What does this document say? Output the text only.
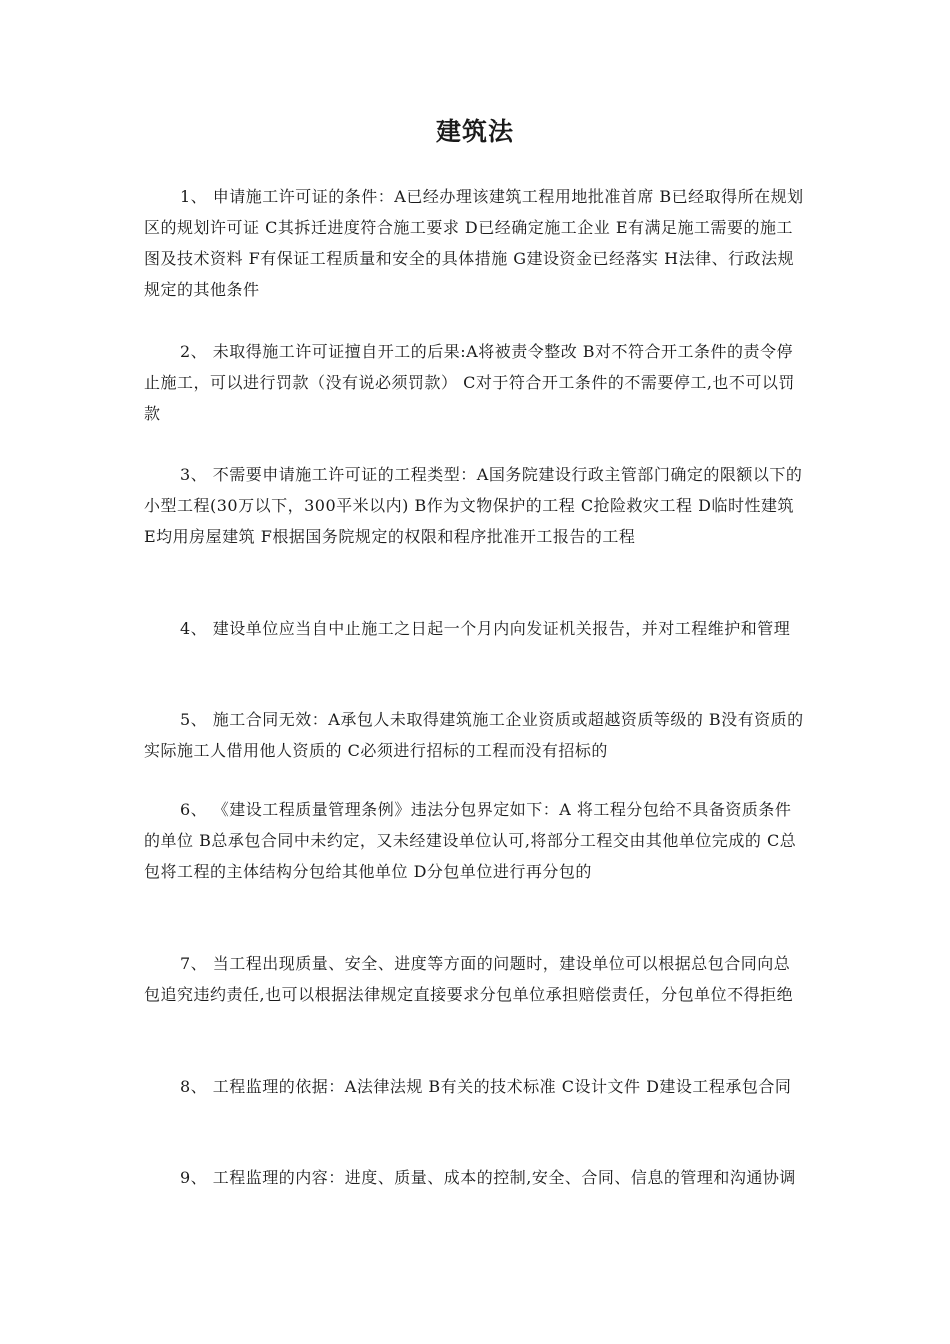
建筑法

1、 申请施工许可证的条件：A已经办理该建筑工程用地批准首席 B已经取得所在规划区的规划许可证 C其拆迁进度符合施工要求 D已经确定施工企业 E有满足施工需要的施工图及技术资料 F有保证工程质量和安全的具体措施 G建设资金已经落实 H法律、行政法规规定的其他条件

2、 未取得施工许可证擅自开工的后果:A将被责令整改 B对不符合开工条件的责令停止施工，可以进行罚款（没有说必须罚款） C对于符合开工条件的不需要停工,也不可以罚款

3、 不需要申请施工许可证的工程类型：A国务院建设行政主管部门确定的限额以下的小型工程(30万以下，300平米以内) B作为文物保护的工程 C抢险救灾工程 D临时性建筑 E均用房屋建筑 F根据国务院规定的权限和程序批准开工报告的工程

4、 建设单位应当自中止施工之日起一个月内向发证机关报告，并对工程维护和管理

5、 施工合同无效：A承包人未取得建筑施工企业资质或超越资质等级的 B没有资质的实际施工人借用他人资质的 C必须进行招标的工程而没有招标的

6、 《建设工程质量管理条例》违法分包界定如下：A 将工程分包给不具备资质条件的单位 B总承包合同中未约定，又未经建设单位认可,将部分工程交由其他单位完成的 C总包将工程的主体结构分包给其他单位 D分包单位进行再分包的

7、 当工程出现质量、安全、进度等方面的问题时，建设单位可以根据总包合同向总包追究违约责任,也可以根据法律规定直接要求分包单位承担赔偿责任，分包单位不得拒绝

8、 工程监理的依据：A法律法规 B有关的技术标准 C设计文件 D建设工程承包合同

9、 工程监理的内容：进度、质量、成本的控制,安全、合同、信息的管理和沟通协调
